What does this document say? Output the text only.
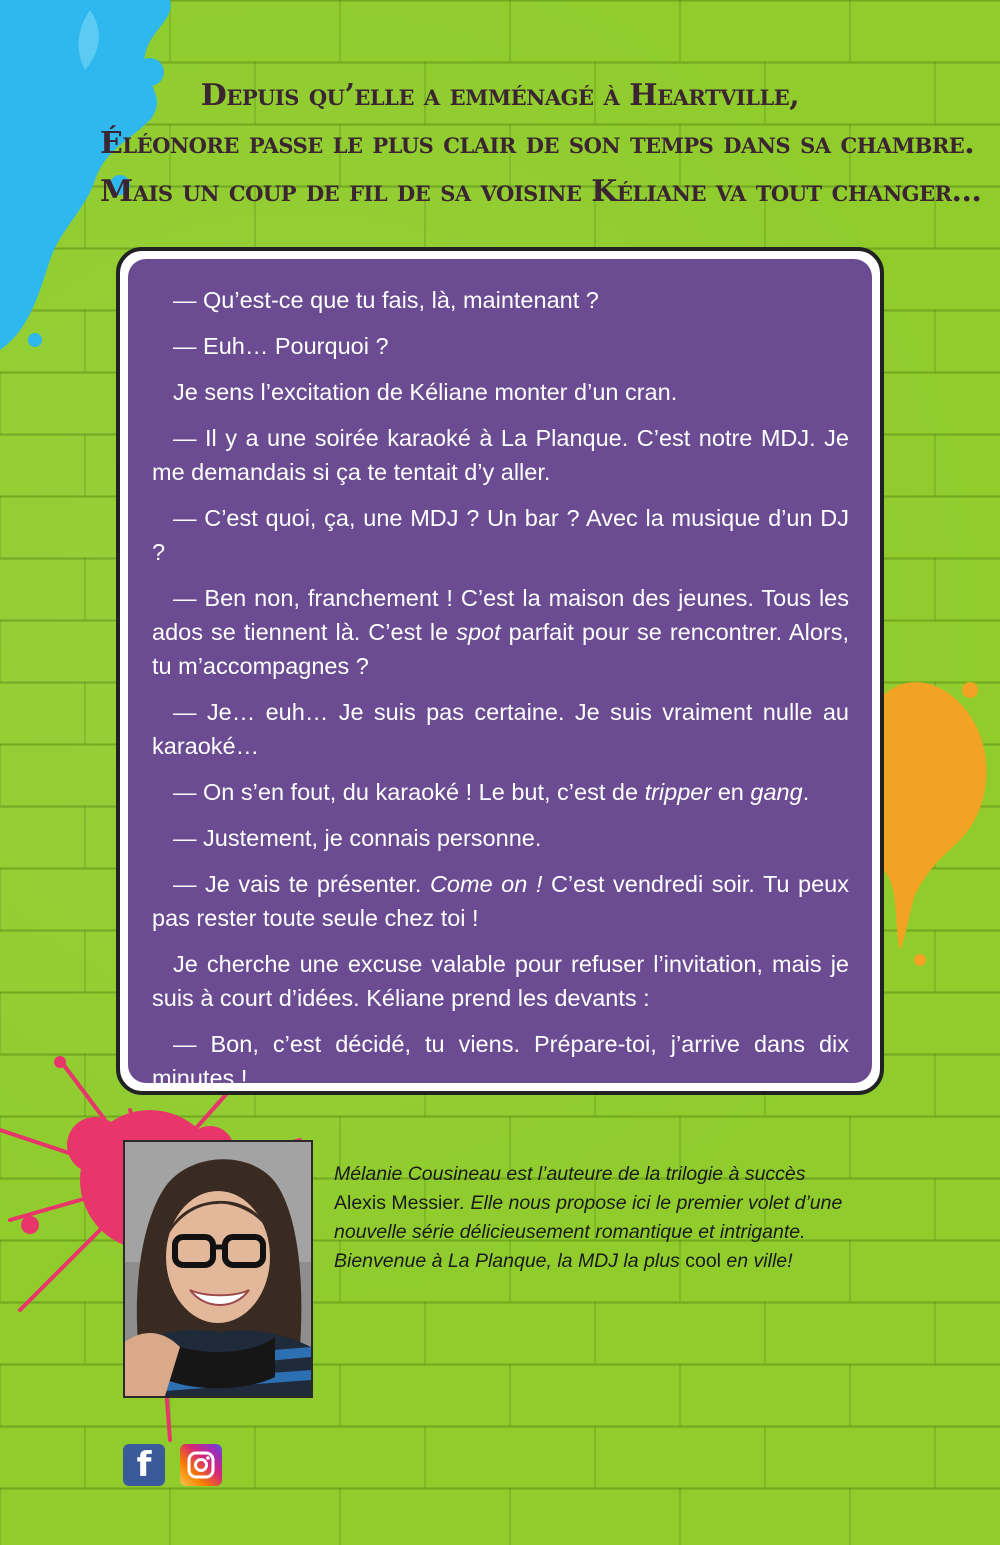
Depuis qu’elle a emménagé à Heartville,
Éléonore passe le plus clair de son temps dans sa chambre.
Mais un coup de fil de sa voisine Kéliane va tout changer...

— Qu’est-ce que tu fais, là, maintenant ?

— Euh… Pourquoi ?

Je sens l’excitation de Kéliane monter d’un cran.

— Il y a une soirée karaoké à La Planque. C’est notre MDJ. Je me demandais si ça te tentait d’y aller.

— C’est quoi, ça, une MDJ ? Un bar ? Avec la musique d’un DJ ?

— Ben non, franchement ! C’est la maison des jeunes. Tous les ados se tiennent là. C’est le spot parfait pour se rencontrer. Alors, tu m’accompagnes ?

— Je… euh… Je suis pas certaine. Je suis vraiment nulle au karaoké…

— On s’en fout, du karaoké ! Le but, c’est de tripper en gang.

— Justement, je connais personne.

— Je vais te présenter. Come on ! C’est vendredi soir. Tu peux pas rester toute seule chez toi !

Je cherche une excuse valable pour refuser l’invitation, mais je suis à court d’idées. Kéliane prend les devants :

— Bon, c’est décidé, tu viens. Prépare-toi, j’arrive dans dix minutes !

Mélanie Cousineau est l’auteure de la trilogie à succès Alexis Messier. Elle nous propose ici le premier volet d’une nouvelle série délicieusement romantique et intrigante. Bienvenue à La Planque, la MDJ la plus cool en ville!
f
